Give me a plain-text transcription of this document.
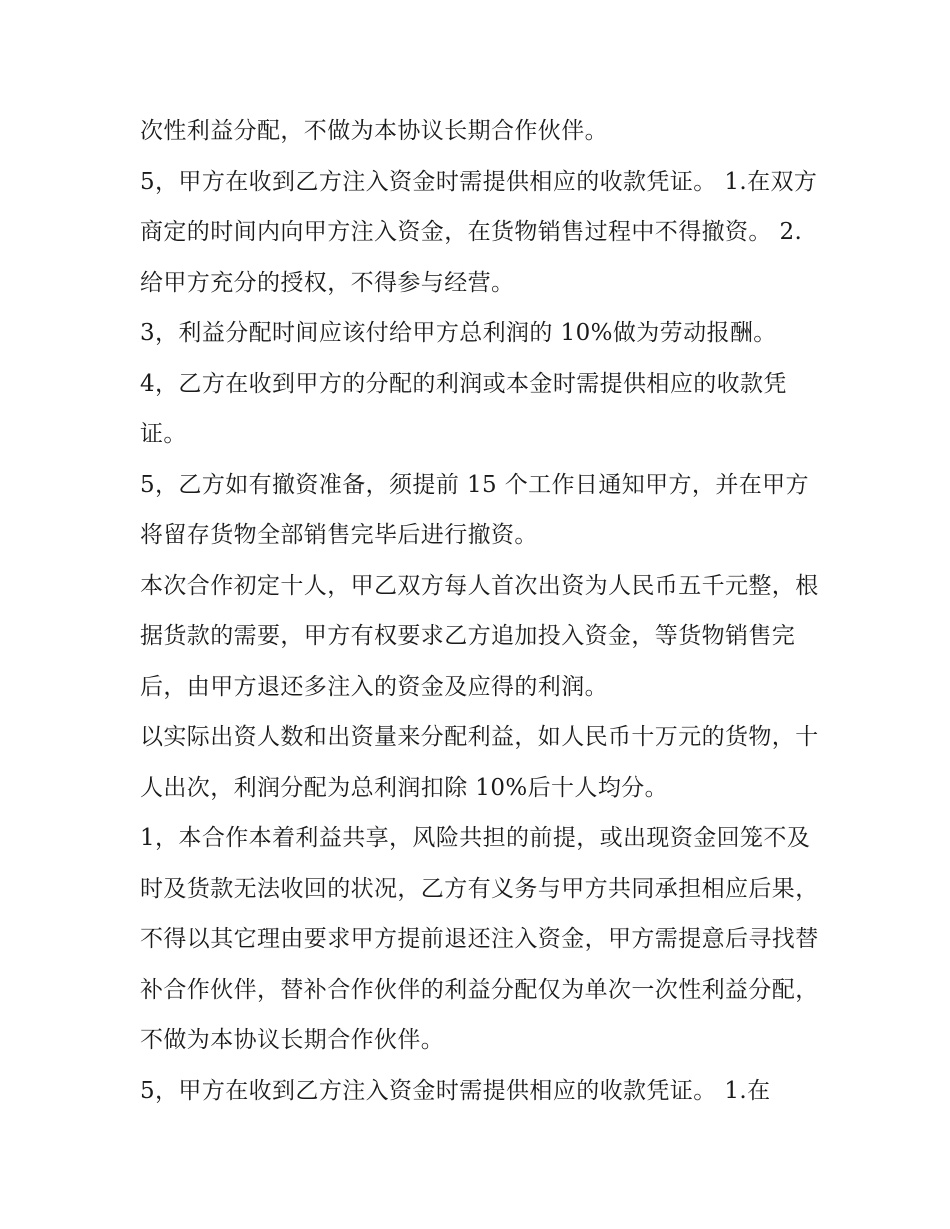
次性利益分配，不做为本协议长期合作伙伴。

5，甲方在收到乙方注入资金时需提供相应的收款凭证。 1.在双方商定的时间内向甲方注入资金，在货物销售过程中不得撤资。 2.给甲方充分的授权，不得参与经营。

3，利益分配时间应该付给甲方总利润的 10%做为劳动报酬。

4，乙方在收到甲方的分配的利润或本金时需提供相应的收款凭证。

5，乙方如有撤资准备，须提前 15 个工作日通知甲方，并在甲方将留存货物全部销售完毕后进行撤资。

本次合作初定十人，甲乙双方每人首次出资为人民币五千元整，根据货款的需要，甲方有权要求乙方追加投入资金，等货物销售完后，由甲方退还多注入的资金及应得的利润。

以实际出资人数和出资量来分配利益，如人民币十万元的货物，十人出次，利润分配为总利润扣除 10%后十人均分。

1，本合作本着利益共享，风险共担的前提，或出现资金回笼不及时及货款无法收回的状况，乙方有义务与甲方共同承担相应后果，不得以其它理由要求甲方提前退还注入资金，甲方需提意后寻找替补合作伙伴，替补合作伙伴的利益分配仅为单次一次性利益分配，不做为本协议长期合作伙伴。

5，甲方在收到乙方注入资金时需提供相应的收款凭证。 1.在
